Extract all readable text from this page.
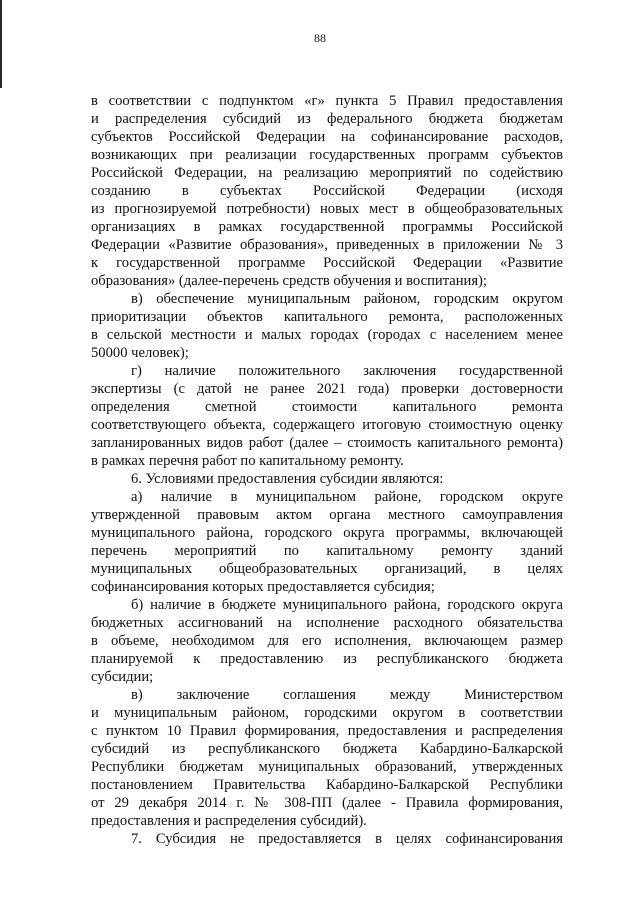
88

в соответствии с подпунктом «г» пункта 5 Правил предоставления

и распределения субсидий из федерального бюджета бюджетам

субъектов Российской Федерации на софинансирование расходов,

возникающих при реализации государственных программ субъектов

Российской Федерации, на реализацию мероприятий по содействию

созданию в субъектах Российской Федерации (исходя

из прогнозируемой потребности) новых мест в общеобразовательных

организациях в рамках государственной программы Российской

Федерации «Развитие образования», приведенных в приложении № 3

к государственной программе Российской Федерации «Развитие

образования» (далее-перечень средств обучения и воспитания);

в) обеспечение муниципальным районом, городским округом

приоритизации объектов капитального ремонта, расположенных

в сельской местности и малых городах (городах с населением менее

50000 человек);

г) наличие положительного заключения государственной

экспертизы (с датой не ранее 2021 года) проверки достоверности

определения сметной стоимости капитального ремонта

соответствующего объекта, содержащего итоговую стоимостную оценку

запланированных видов работ (далее – стоимость капитального ремонта)

в рамках перечня работ по капитальному ремонту.

6. Условиями предоставления субсидии являются:

а) наличие в муниципальном районе, городском округе

утвержденной правовым актом органа местного самоуправления

муниципального района, городского округа программы, включающей

перечень мероприятий по капитальному ремонту зданий

муниципальных общеобразовательных организаций, в целях

софинансирования которых предоставляется субсидия;

б) наличие в бюджете муниципального района, городского округа

бюджетных ассигнований на исполнение расходного обязательства

в объеме, необходимом для его исполнения, включающем размер

планируемой к предоставлению из республиканского бюджета

субсидии;

в) заключение соглашения между Министерством

и муниципальным районом, городскими округом в соответствии

с пунктом 10 Правил формирования, предоставления и распределения

субсидий из республиканского бюджета Кабардино-Балкарской

Республики бюджетам муниципальных образований, утвержденных

постановлением Правительства Кабардино-Балкарской Республики

от 29 декабря 2014 г. № 308-ПП (далее - Правила формирования,

предоставления и распределения субсидий).

7. Субсидия не предоставляется в целях софинансирования
